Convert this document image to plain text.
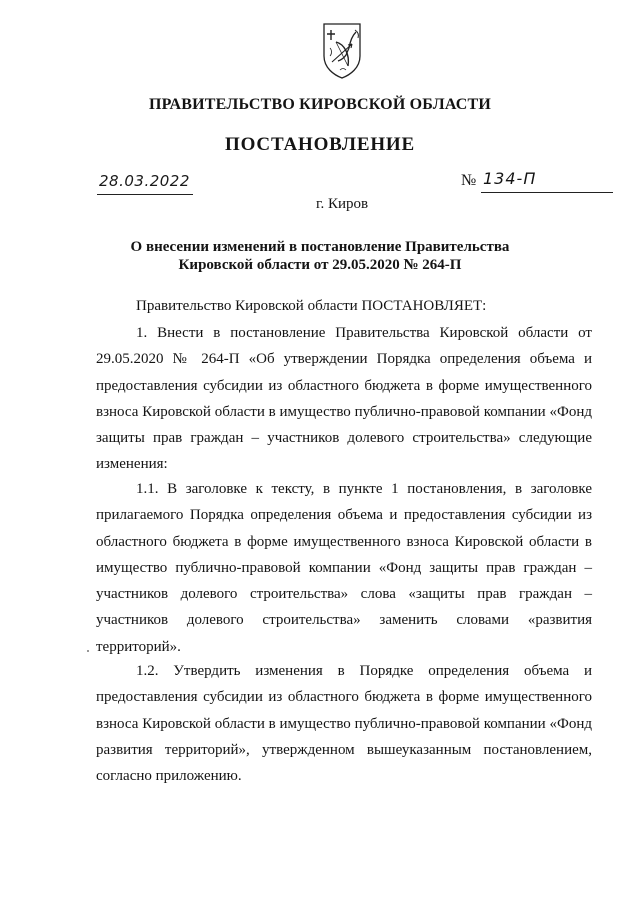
ПРАВИТЕЛЬСТВО КИРОВСКОЙ ОБЛАСТИ
ПОСТАНОВЛЕНИЕ
28.03.2022	№ 134-П
г. Киров
О внесении изменений в постановление Правительства
Кировской области от 29.05.2020 № 264-П
Правительство Кировской области ПОСТАНОВЛЯЕТ:
1. Внести в постановление Правительства Кировской области от 29.05.2020 № 264-П «Об утверждении Порядка определения объема и предоставления субсидии из областного бюджета в форме имущественного взноса Кировской области в имущество публично-правовой компании «Фонд защиты прав граждан – участников долевого строительства» следующие изменения:
1.1. В заголовке к тексту, в пункте 1 постановления, в заголовке прилагаемого Порядка определения объема и предоставления субсидии из областного бюджета в форме имущественного взноса Кировской области в имущество публично-правовой компании «Фонд защиты прав граждан – участников долевого строительства» слова «защиты прав граждан – участников долевого строительства» заменить словами «развития территорий».
1.2. Утвердить изменения в Порядке определения объема и предоставления субсидии из областного бюджета в форме имущественного взноса Кировской области в имущество публично-правовой компании «Фонд развития территорий», утвержденном вышеуказанным постановлением, согласно приложению.
